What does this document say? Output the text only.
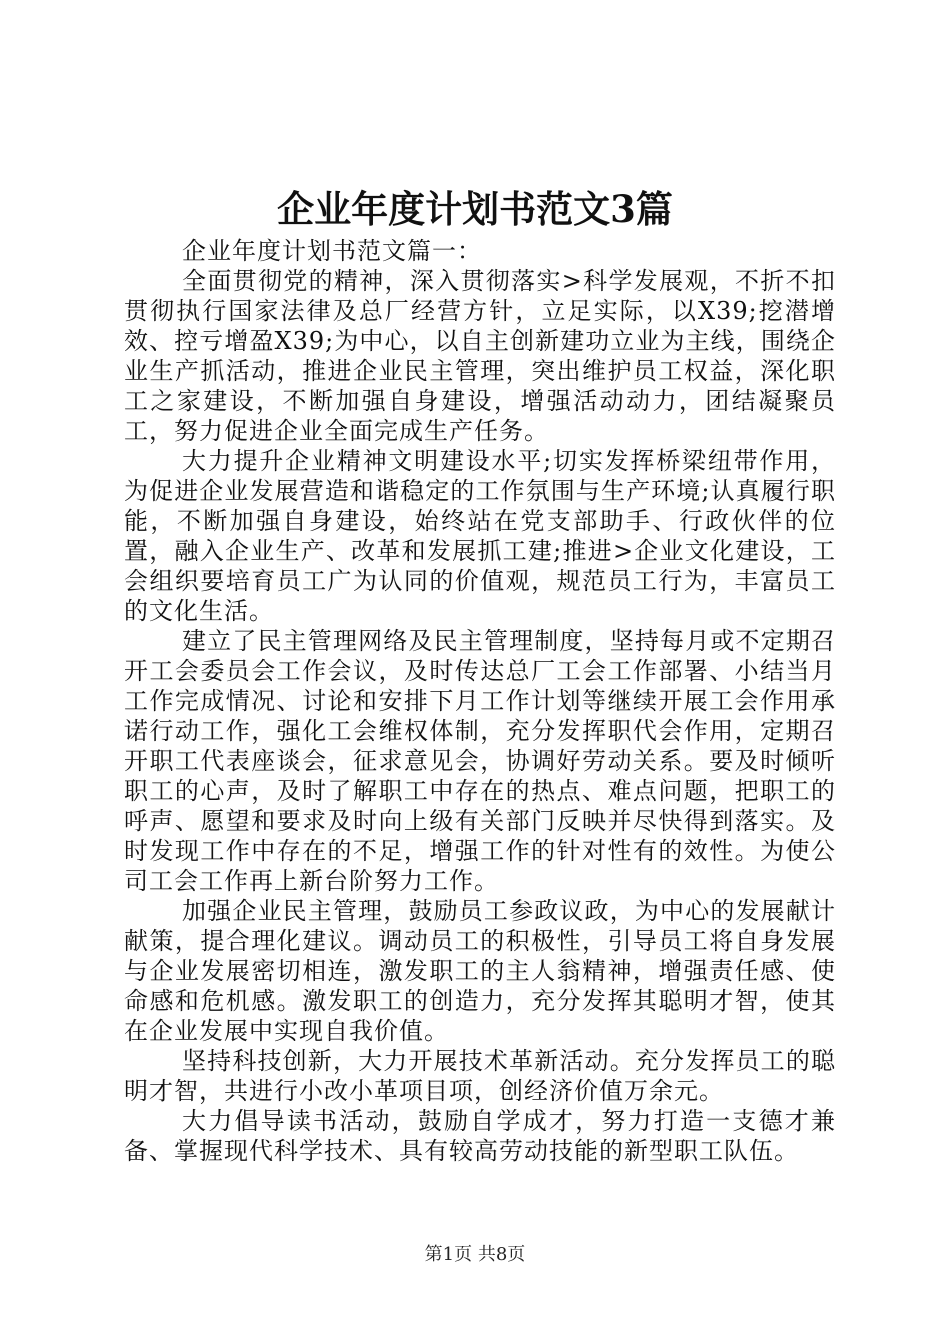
企业年度计划书范文3篇

企业年度计划书范文篇一：

全面贯彻党的精神，深入贯彻落实>科学发展观，不折不扣贯彻执行国家法律及总厂经营方针，立足实际，以X39;挖潜增效、控亏增盈X39;为中心，以自主创新建功立业为主线，围绕企业生产抓活动，推进企业民主管理，突出维护员工权益，深化职工之家建设，不断加强自身建设，增强活动动力，团结凝聚员工，努力促进企业全面完成生产任务。

大力提升企业精神文明建设水平;切实发挥桥梁纽带作用，为促进企业发展营造和谐稳定的工作氛围与生产环境;认真履行职能，不断加强自身建设，始终站在党支部助手、行政伙伴的位置，融入企业生产、改革和发展抓工建;推进>企业文化建设，工会组织要培育员工广为认同的价值观，规范员工行为，丰富员工的文化生活。

建立了民主管理网络及民主管理制度，坚持每月或不定期召开工会委员会工作会议，及时传达总厂工会工作部署、小结当月工作完成情况、讨论和安排下月工作计划等继续开展工会作用承诺行动工作，强化工会维权体制，充分发挥职代会作用，定期召开职工代表座谈会，征求意见会，协调好劳动关系。要及时倾听职工的心声，及时了解职工中存在的热点、难点问题，把职工的呼声、愿望和要求及时向上级有关部门反映并尽快得到落实。及时发现工作中存在的不足，增强工作的针对性有的效性。为使公司工会工作再上新台阶努力工作。

加强企业民主管理，鼓励员工参政议政，为中心的发展献计献策，提合理化建议。调动员工的积极性，引导员工将自身发展与企业发展密切相连，激发职工的主人翁精神，增强责任感、使命感和危机感。激发职工的创造力，充分发挥其聪明才智，使其在企业发展中实现自我价值。

坚持科技创新，大力开展技术革新活动。充分发挥员工的聪明才智，共进行小改小革项目项，创经济价值万余元。

大力倡导读书活动，鼓励自学成才，努力打造一支德才兼备、掌握现代科学技术、具有较高劳动技能的新型职工队伍。

第1页 共8页
